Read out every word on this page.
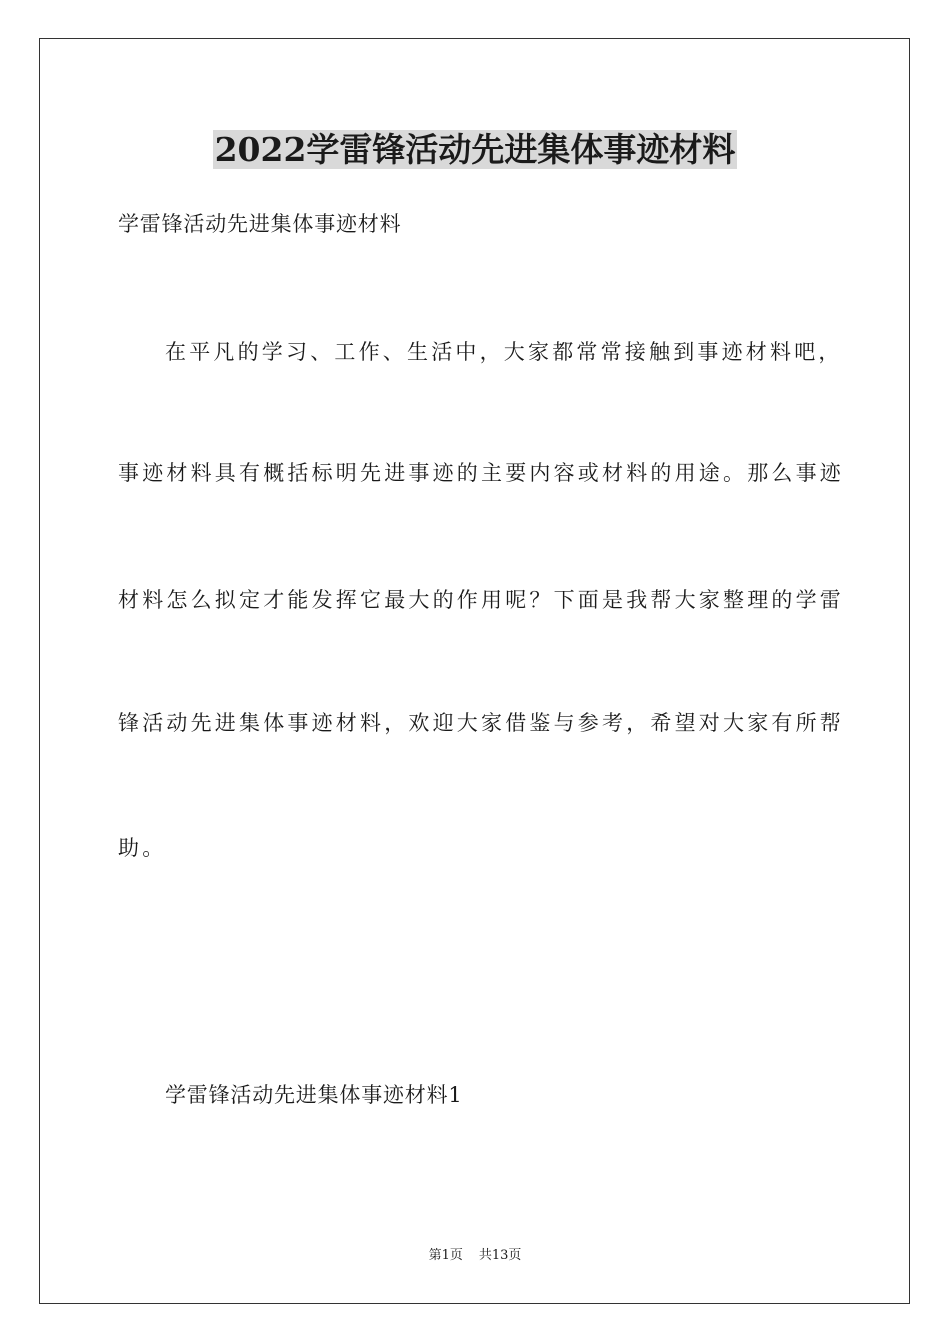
2022学雷锋活动先进集体事迹材料
学雷锋活动先进集体事迹材料
在平凡的学习、工作、生活中，大家都常常接触到事迹材料吧，
事迹材料具有概括标明先进事迹的主要内容或材料的用途。那么事迹
材料怎么拟定才能发挥它最大的作用呢？下面是我帮大家整理的学雷
锋活动先进集体事迹材料，欢迎大家借鉴与参考，希望对大家有所帮
助。
学雷锋活动先进集体事迹材料1
第1页 共13页
